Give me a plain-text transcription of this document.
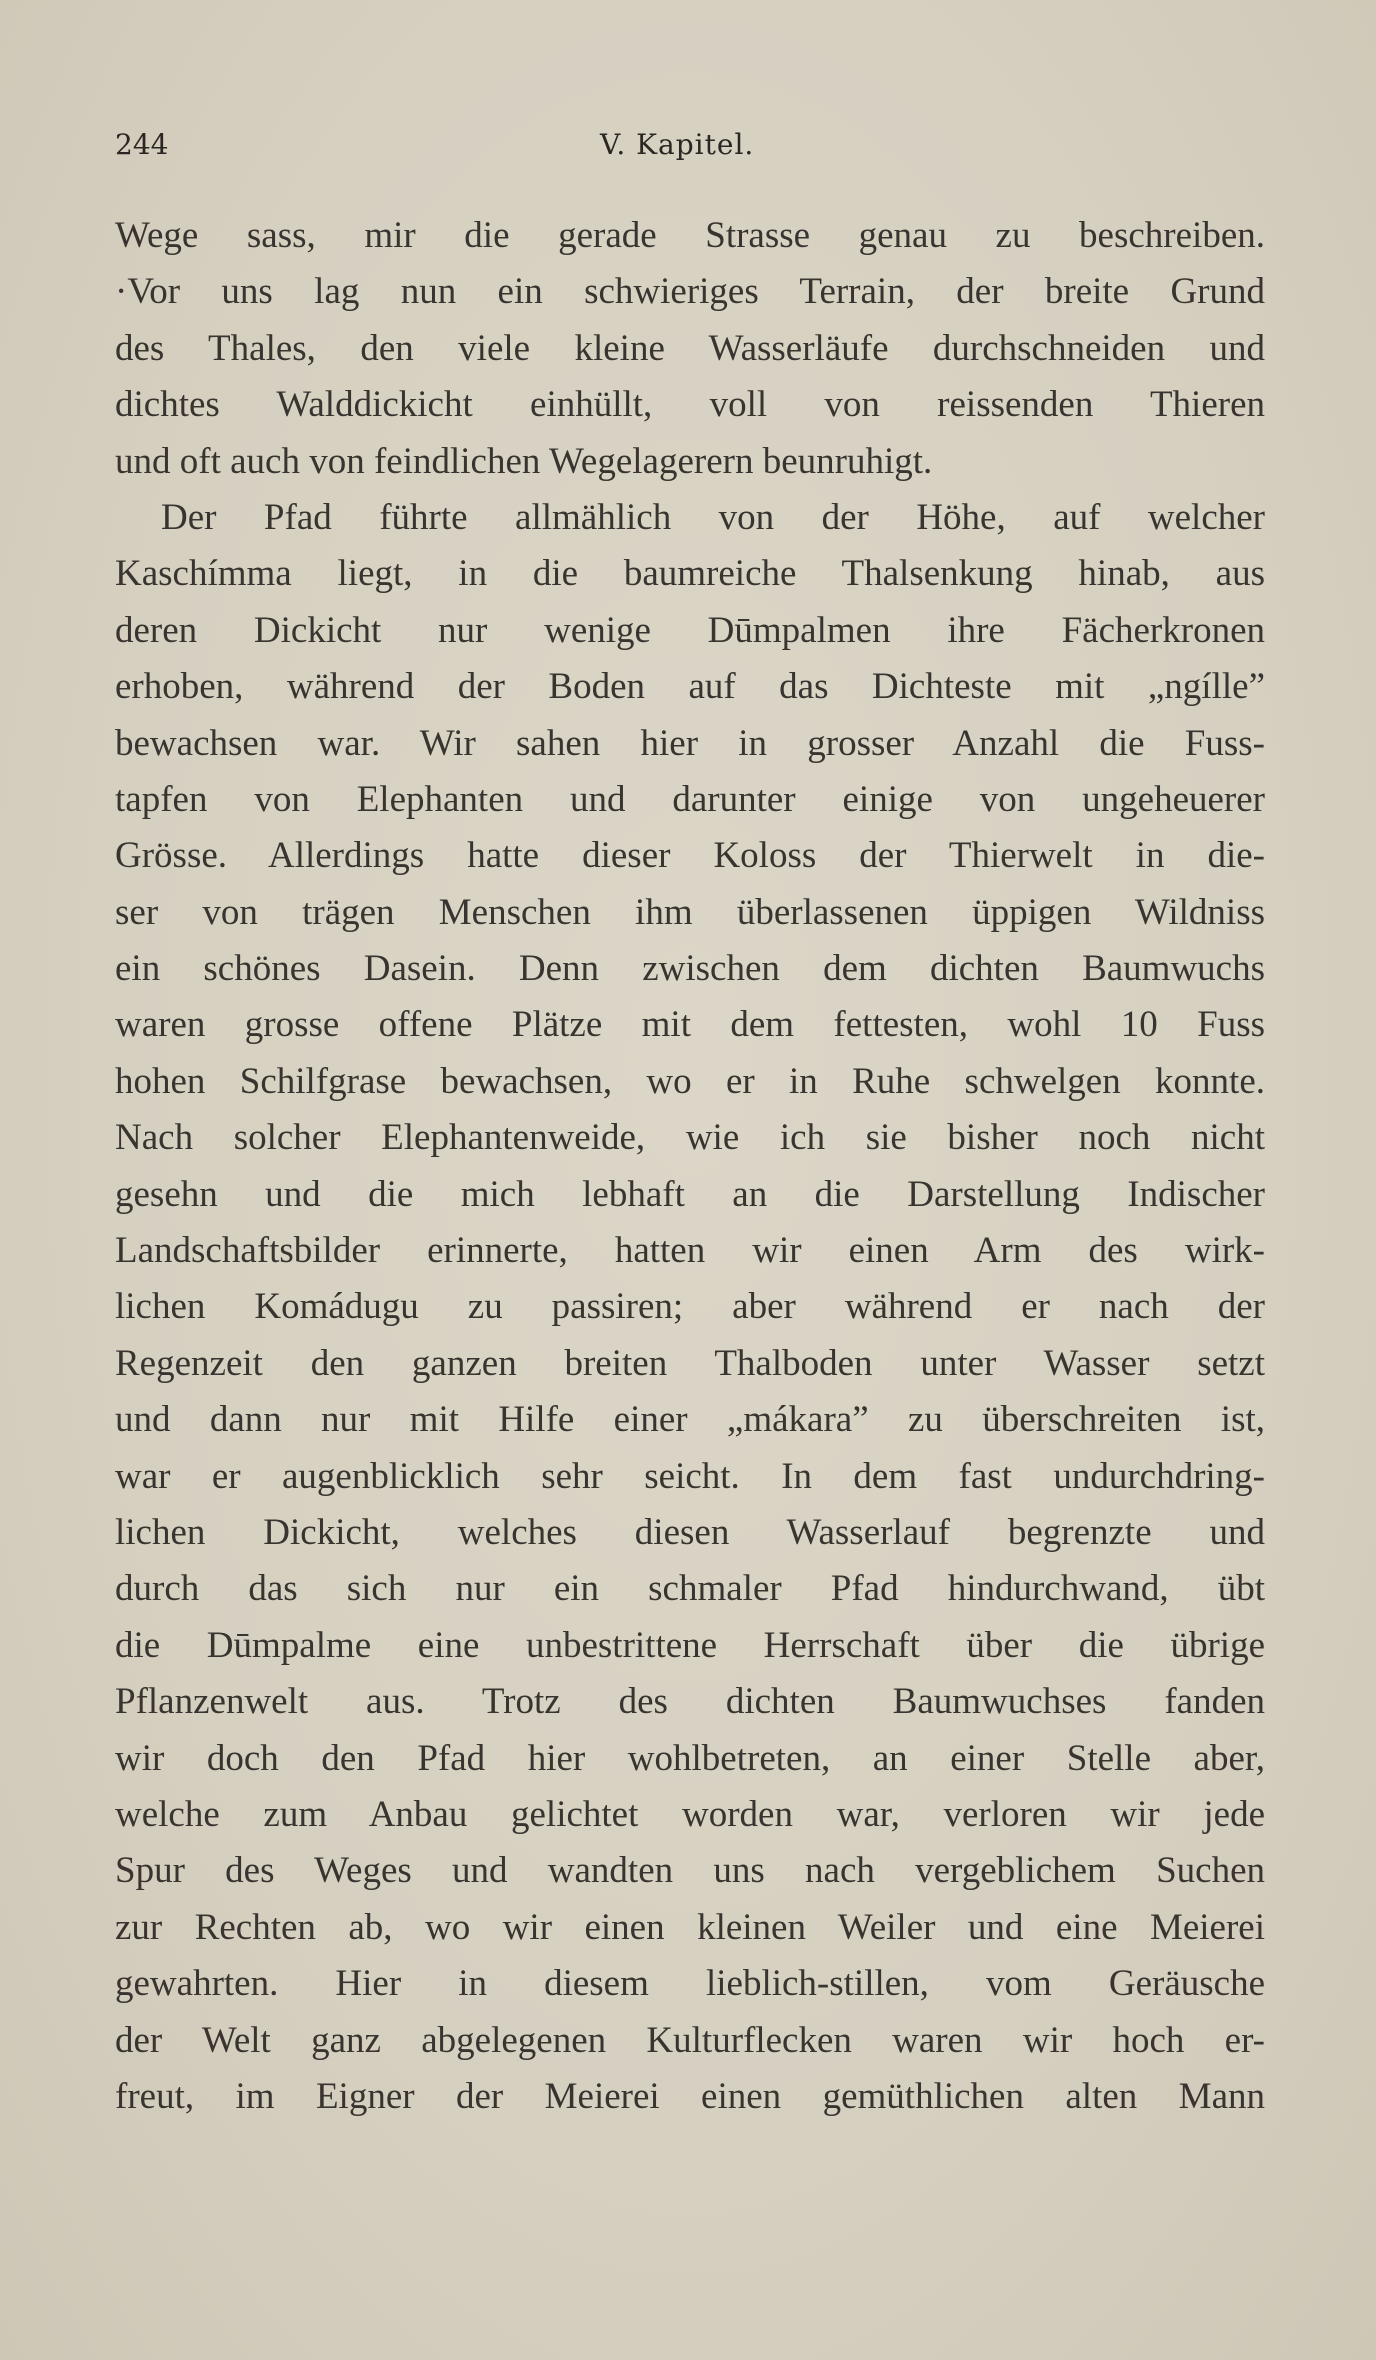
244	V. Kapitel.
Wege sass, mir die gerade Strasse genau zu beschreiben.
·Vor uns lag nun ein schwieriges Terrain, der breite Grund
des Thales, den viele kleine Wasserläufe durchschneiden und
dichtes Walddickicht einhüllt, voll von reissenden Thieren
und oft auch von feindlichen Wegelagerern beunruhigt.
Der Pfad führte allmählich von der Höhe, auf welcher
Kaschímma liegt, in die baumreiche Thalsenkung hinab, aus
deren Dickicht nur wenige Dūmpalmen ihre Fächerkronen
erhoben, während der Boden auf das Dichteste mit „ngílle”
bewachsen war. Wir sahen hier in grosser Anzahl die Fuss-
tapfen von Elephanten und darunter einige von ungeheuerer
Grösse. Allerdings hatte dieser Koloss der Thierwelt in die-
ser von trägen Menschen ihm überlassenen üppigen Wildniss
ein schönes Dasein. Denn zwischen dem dichten Baumwuchs
waren grosse offene Plätze mit dem fettesten, wohl 10 Fuss
hohen Schilfgrase bewachsen, wo er in Ruhe schwelgen konnte.
Nach solcher Elephantenweide, wie ich sie bisher noch nicht
gesehn und die mich lebhaft an die Darstellung Indischer
Landschaftsbilder erinnerte, hatten wir einen Arm des wirk-
lichen Komádugu zu passiren; aber während er nach der
Regenzeit den ganzen breiten Thalboden unter Wasser setzt
und dann nur mit Hilfe einer „mákara” zu überschreiten ist,
war er augenblicklich sehr seicht. In dem fast undurchdring-
lichen Dickicht, welches diesen Wasserlauf begrenzte und
durch das sich nur ein schmaler Pfad hindurchwand, übt
die Dūmpalme eine unbestrittene Herrschaft über die übrige
Pflanzenwelt aus. Trotz des dichten Baumwuchses fanden
wir doch den Pfad hier wohlbetreten, an einer Stelle aber,
welche zum Anbau gelichtet worden war, verloren wir jede
Spur des Weges und wandten uns nach vergeblichem Suchen
zur Rechten ab, wo wir einen kleinen Weiler und eine Meierei
gewahrten. Hier in diesem lieblich-stillen, vom Geräusche
der Welt ganz abgelegenen Kulturflecken waren wir hoch er-
freut, im Eigner der Meierei einen gemüthlichen alten Mann
